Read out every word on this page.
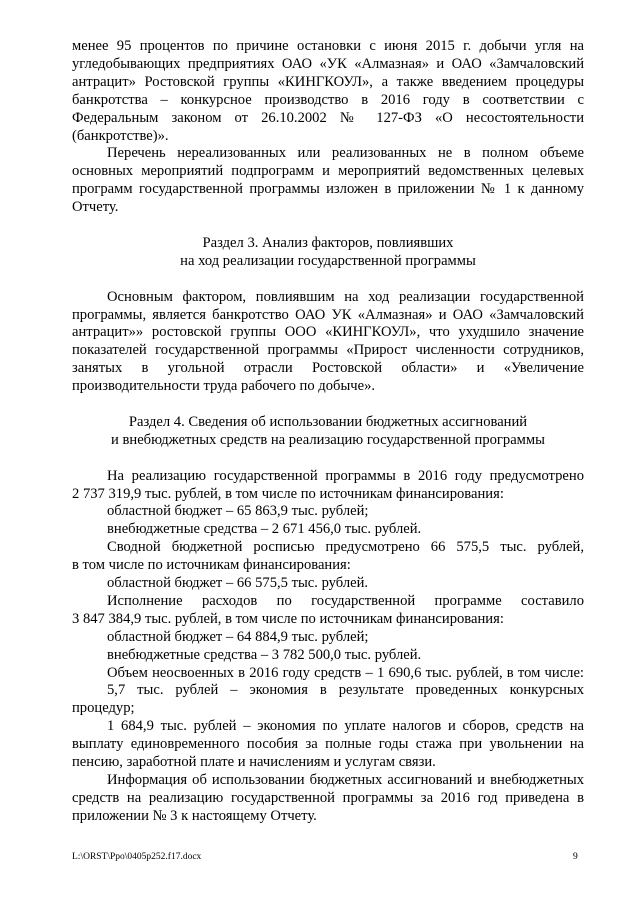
менее 95 процентов по причине остановки с июня 2015 г. добычи угля на
угледобывающих предприятиях ОАО «УК «Алмазная» и ОАО «Замчаловский
антрацит» Ростовской группы «КИНГКОУЛ», а также введением процедуры
банкротства – конкурсное производство в 2016 году в соответствии с
Федеральным законом от 26.10.2002 № 127-ФЗ «О несостоятельности
(банкротстве)».
Перечень нереализованных или реализованных не в полном объеме
основных мероприятий подпрограмм и мероприятий ведомственных целевых
программ государственной программы изложен в приложении № 1 к данному
Отчету.
Раздел 3. Анализ факторов, повлиявших
на ход реализации государственной программы
Основным фактором, повлиявшим на ход реализации государственной
программы, является банкротство ОАО УК «Алмазная» и ОАО «Замчаловский
антрацит»» ростовской группы ООО «КИНГКОУЛ», что ухудшило значение
показателей государственной программы «Прирост численности сотрудников,
занятых в угольной отрасли Ростовской области» и «Увеличение
производительности труда рабочего по добыче».
Раздел 4. Сведения об использовании бюджетных ассигнований
и внебюджетных средств на реализацию государственной программы
На реализацию государственной программы в 2016 году предусмотрено
2 737 319,9 тыс. рублей, в том числе по источникам финансирования:
областной бюджет – 65 863,9 тыс. рублей;
внебюджетные средства – 2 671 456,0 тыс. рублей.
Сводной бюджетной росписью предусмотрено 66 575,5 тыс. рублей,
в том числе по источникам финансирования:
областной бюджет – 66 575,5 тыс. рублей.
Исполнение расходов по государственной программе составило
3 847 384,9 тыс. рублей, в том числе по источникам финансирования:
областной бюджет – 64 884,9 тыс. рублей;
внебюджетные средства – 3 782 500,0 тыс. рублей.
Объем неосвоенных в 2016 году средств – 1 690,6 тыс. рублей, в том числе:
5,7 тыс. рублей – экономия в результате проведенных конкурсных
процедур;
1 684,9 тыс. рублей – экономия по уплате налогов и сборов, средств на
выплату единовременного пособия за полные годы стажа при увольнении на
пенсию, заработной плате и начислениям и услугам связи.
Информация об использовании бюджетных ассигнований и внебюджетных
средств на реализацию государственной программы за 2016 год приведена в
приложении № 3 к настоящему Отчету.
L:\ORST\Ppo\0405p252.f17.docx	9
